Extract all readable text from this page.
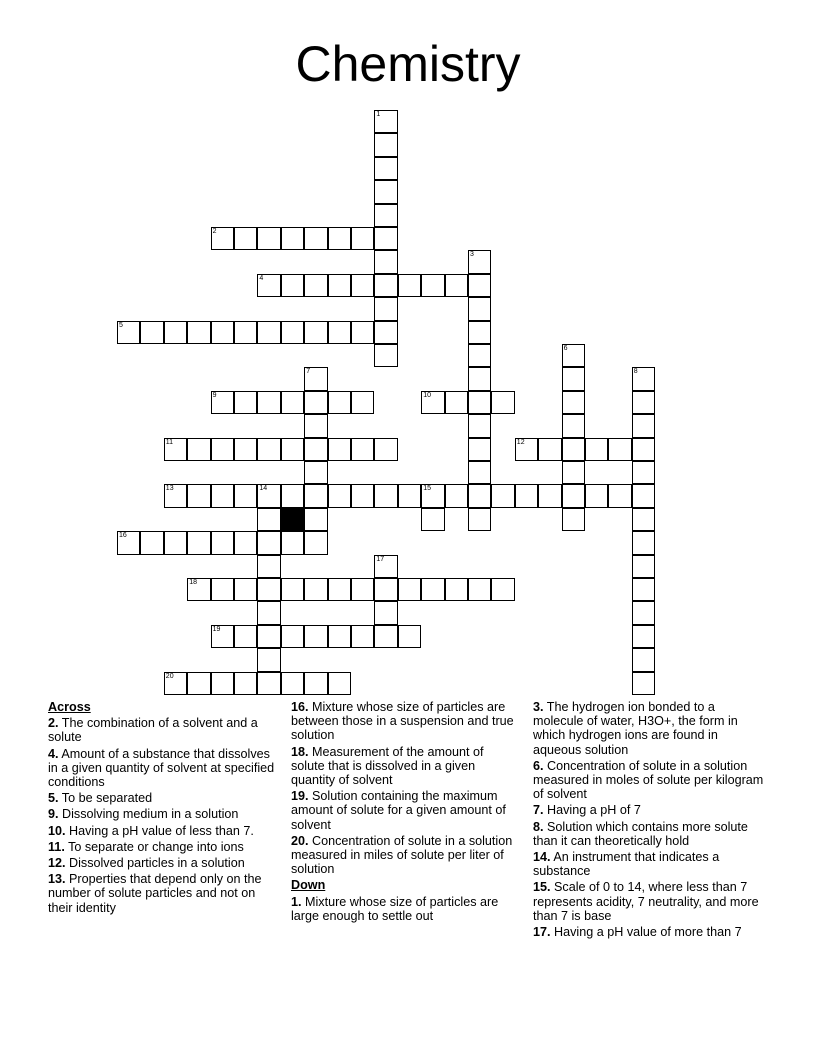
Chemistry
1
2
3
4
5
6
7	8
9	10
11	12
13	14	15
16
17
18
19
20
Across
2. The combination of a solvent and a solute
4. Amount of a substance that dissolves in a given quantity of solvent at specified conditions
5. To be separated
9. Dissolving medium in a solution
10. Having a pH value of less than 7.
11. To separate or change into ions
12. Dissolved particles in a solution
13. Properties that depend only on the number of solute particles and not on their identity
16. Mixture whose size of particles are between those in a suspension and true solution
18. Measurement of the amount of solute that is dissolved in a given quantity of solvent
19. Solution containing the maximum amount of solute for a given amount of solvent
20. Concentration of solute in a solution measured in miles of solute per liter of solution
Down
1. Mixture whose size of particles are large enough to settle out
3. The hydrogen ion bonded to a molecule of water, H3O+, the form in which hydrogen ions are found in aqueous solution
6. Concentration of solute in a solution measured in moles of solute per kilogram of solvent
7. Having a pH of 7
8. Solution which contains more solute than it can theoretically hold
14. An instrument that indicates a substance
15. Scale of 0 to 14, where less than 7 represents acidity, 7 neutrality, and more than 7 is base
17. Having a pH value of more than 7
